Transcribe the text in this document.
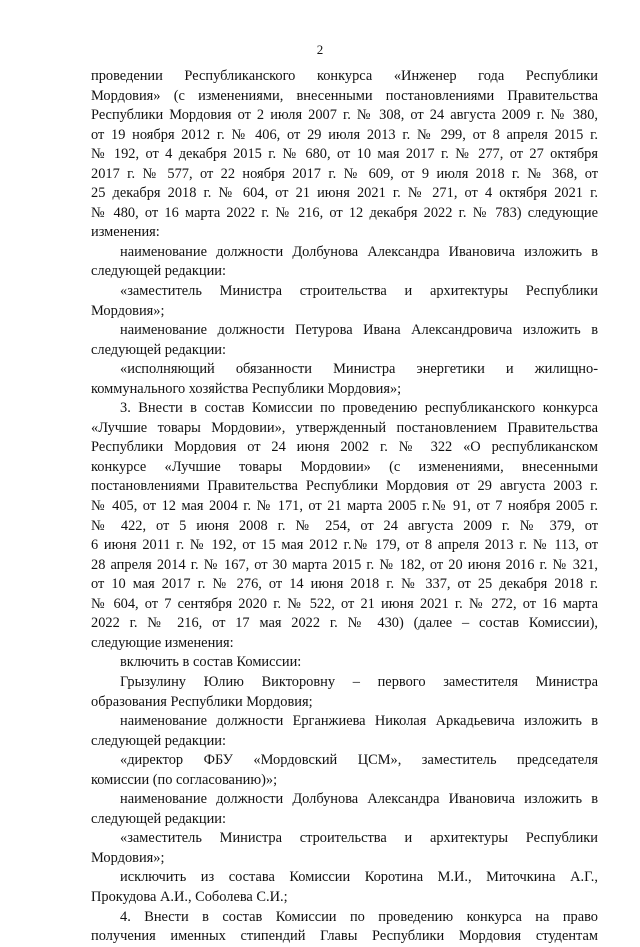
2
проведении Республиканского конкурса «Инженер года Республики
Мордовия» (с изменениями, внесенными постановлениями Правительства
Республики Мордовия от 2 июля 2007 г. № 308, от 24 августа 2009 г. № 380,
от 19 ноября 2012 г. № 406, от 29 июля 2013 г. № 299, от 8 апреля 2015 г.
№ 192, от 4 декабря 2015 г. № 680, от 10 мая 2017 г. № 277, от 27 октября
2017 г. № 577, от 22 ноября 2017 г. № 609, от 9 июля 2018 г. № 368, от
25 декабря 2018 г. № 604, от 21 июня 2021 г. № 271, от 4 октября 2021 г.
№ 480, от 16 марта 2022 г. № 216, от 12 декабря 2022 г. № 783) следующие
изменения:
наименование должности Долбунова Александра Ивановича изложить в
следующей редакции:
«заместитель Министра строительства и архитектуры Республики
Мордовия»;
наименование должности Петурова Ивана Александровича изложить в
следующей редакции:
«исполняющий обязанности Министра энергетики и жилищно-
коммунального хозяйства Республики Мордовия»;
3. Внести в состав Комиссии по проведению республиканского конкурса
«Лучшие товары Мордовии», утвержденный постановлением Правительства
Республики Мордовия от 24 июня 2002 г. № 322 «О республиканском
конкурсе «Лучшие товары Мордовии» (с изменениями, внесенными
постановлениями Правительства Республики Мордовия от 29 августа 2003 г.
№ 405, от 12 мая 2004 г. № 171, от 21 марта 2005 г.№ 91, от 7 ноября 2005 г.
№ 422, от 5 июня 2008 г. № 254, от 24 августа 2009 г. № 379, от
6 июня 2011 г. № 192, от 15 мая 2012 г.№ 179, от 8 апреля 2013 г. № 113, от
28 апреля 2014 г. № 167, от 30 марта 2015 г. № 182, от 20 июня 2016 г. № 321,
от 10 мая 2017 г. № 276, от 14 июня 2018 г. № 337, от 25 декабря 2018 г.
№ 604, от 7 сентября 2020 г. № 522, от 21 июня 2021 г. № 272, от 16 марта
2022 г. № 216, от 17 мая 2022 г. № 430) (далее – состав Комиссии),
следующие изменения:
включить в состав Комиссии:
Грызулину Юлию Викторовну – первого заместителя Министра
образования Республики Мордовия;
наименование должности Ерганжиева Николая Аркадьевича изложить в
следующей редакции:
«директор ФБУ «Мордовский ЦСМ», заместитель председателя
комиссии (по согласованию)»;
наименование должности Долбунова Александра Ивановича изложить в
следующей редакции:
«заместитель Министра строительства и архитектуры Республики
Мордовия»;
исключить из состава Комиссии Коротина М.И., Миточкина А.Г.,
Прокудова А.И., Соболева С.И.;
4. Внести в состав Комиссии по проведению конкурса на право
получения именных стипендий Главы Республики Мордовия студентам
